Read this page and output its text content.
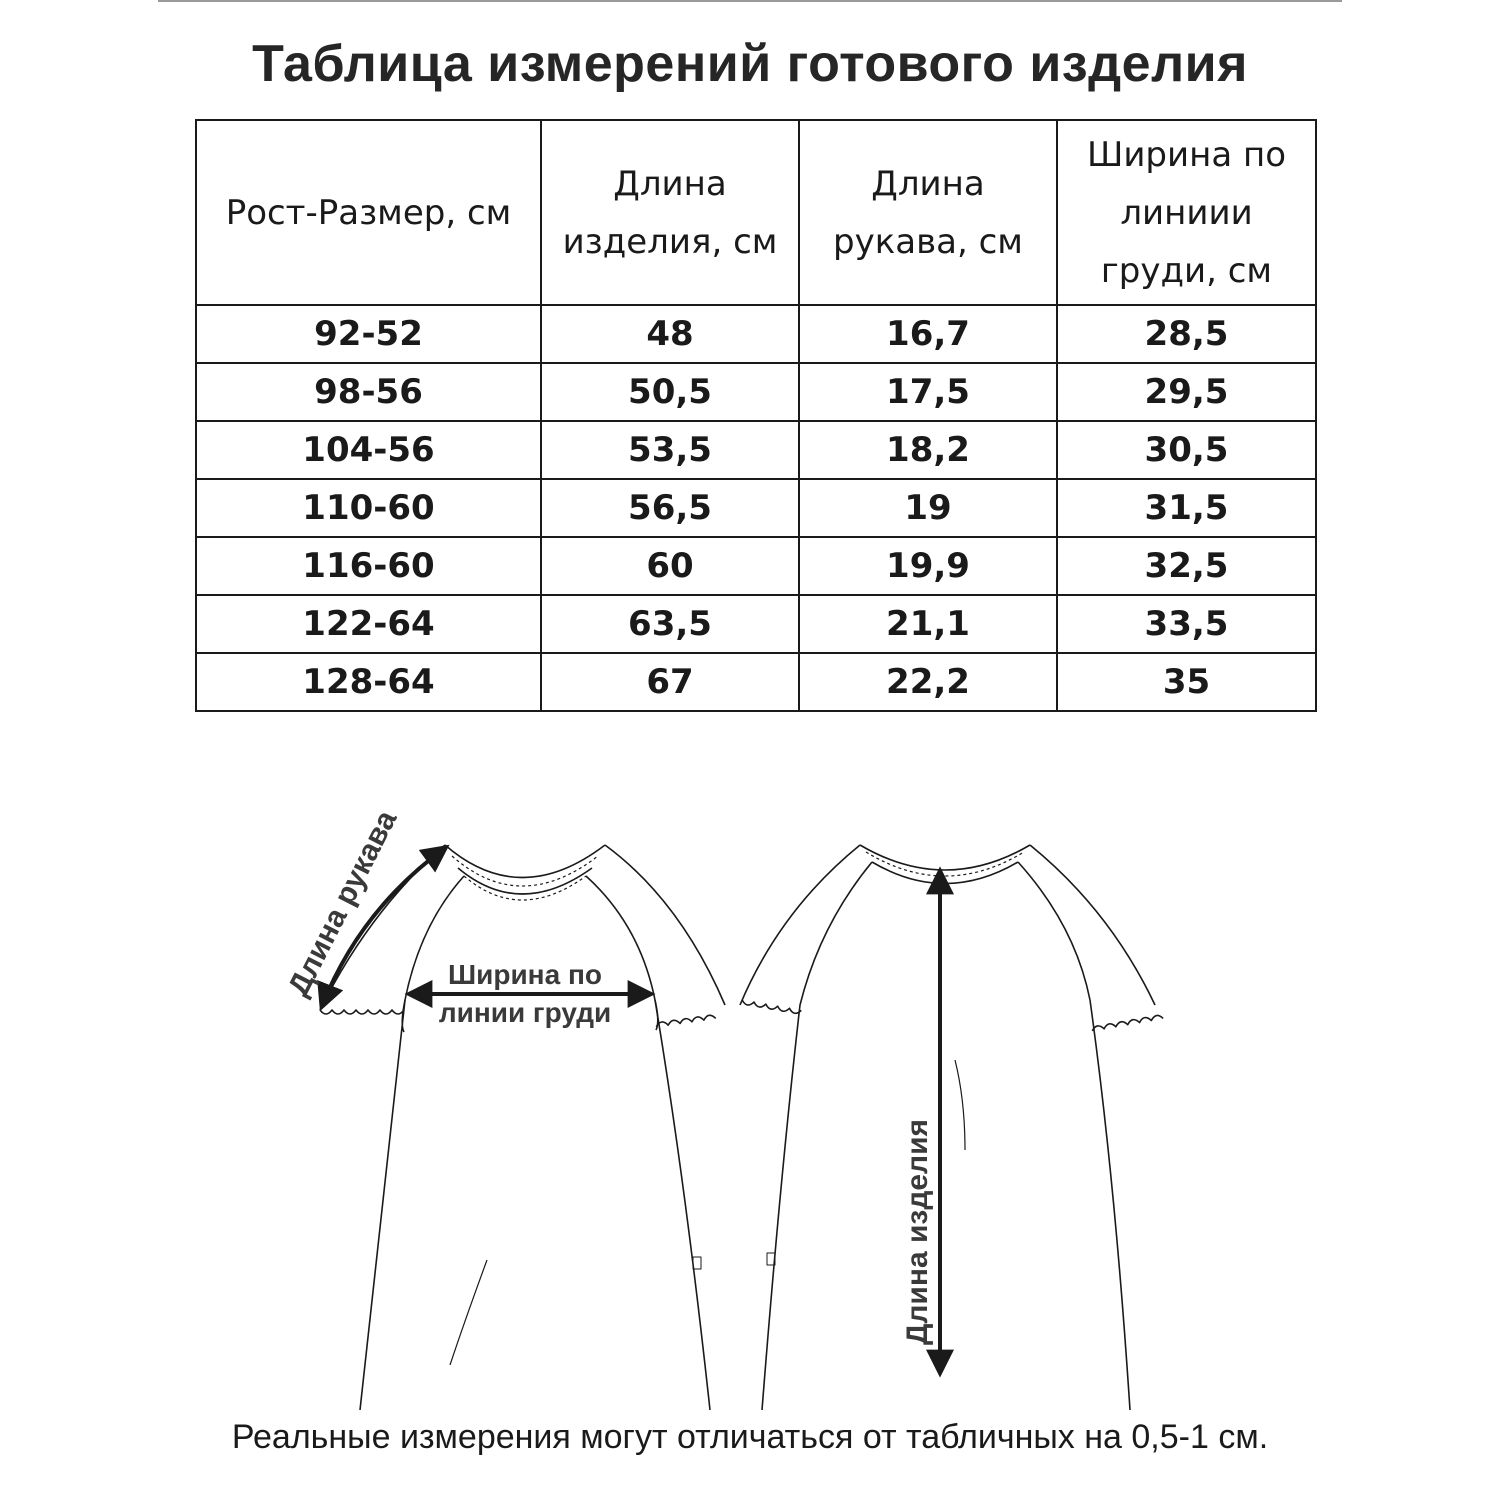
Таблица измерений готового изделия
Рост-Размер, см	Длина изделия, см	Длина рукава, см	Ширина по линиии груди, см
92-52	48	16,7	28,5
98-56	50,5	17,5	29,5
104-56	53,5	18,2	30,5
110-60	56,5	19	31,5
116-60	60	19,9	32,5
122-64	63,5	21,1	33,5
128-64	67	22,2	35
Длина рукава Ширина по
линии груди
Длина изделия
Реальные измерения могут отличаться от табличных на 0,5-1 см.
